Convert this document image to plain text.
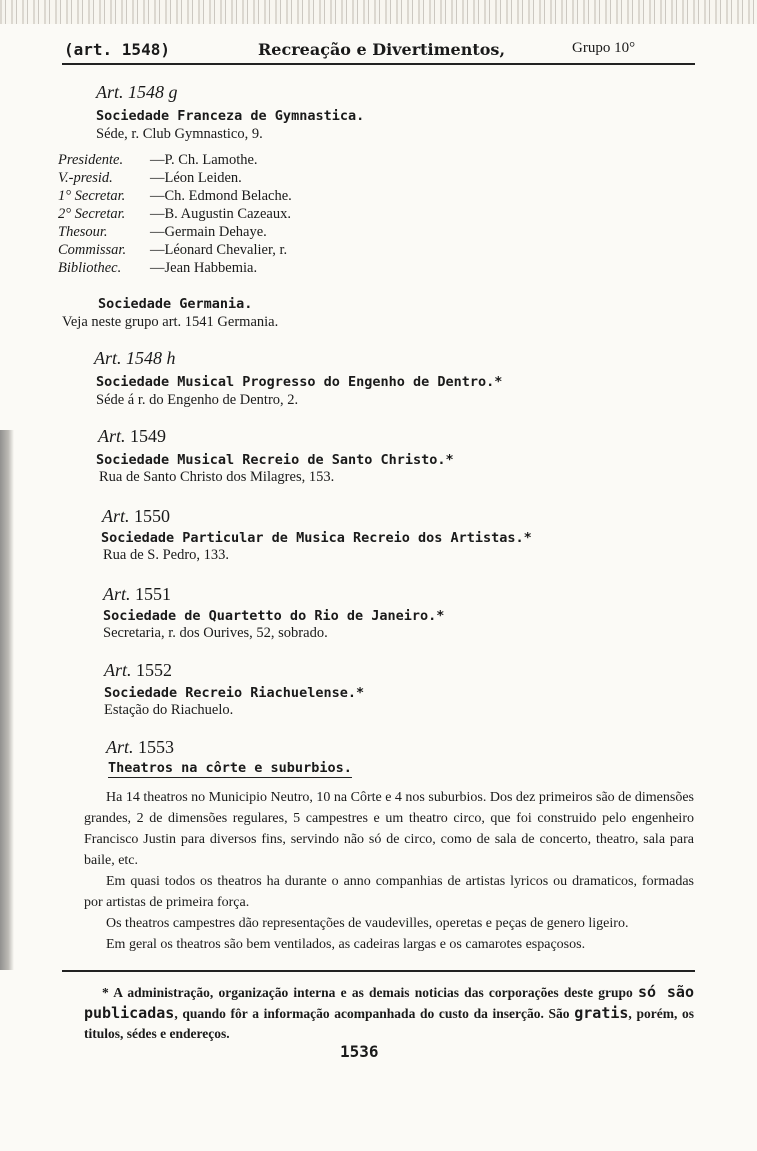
(art. 1548)	Recreação e Divertimentos,	Grupo 10°
Art. 1548 g
Sociedade Franceza de Gymnastica.
Séde, r. Club Gymnastico, 9.
Presidente. —P. Ch. Lamothe.
V.-presid.	—Léon Leiden.
1° Secretar. —Ch. Edmond Belache.
2° Secretar. —B. Augustin Cazeaux.
Thesour.	—Germain Dehaye.
Commissar. —Léonard Chevalier, r.
Bibliothec. —Jean Habbemia.
Sociedade Germania.
Veja neste grupo art. 1541 Germania.
Art. 1548 h
Sociedade Musical Progresso do Engenho de Dentro.*
Séde á r. do Engenho de Dentro, 2.
Art. 1549
Sociedade Musical Recreio de Santo Christo.*
Rua de Santo Christo dos Milagres, 153.
Art. 1550
Sociedade Particular de Musica Recreio dos Artistas.*
Rua de S. Pedro, 133.
Art. 1551
Sociedade de Quartetto do Rio de Janeiro.*
Secretaria, r. dos Ourives, 52, sobrado.
Art. 1552
Sociedade Recreio Riachuelense.*
Estação do Riachuelo.
Art. 1553
Theatros na côrte e suburbios.

Ha 14 theatros no Municipio Neutro, 10 na Côrte e 4 nos suburbios. Dos dez primeiros são de dimensões grandes, 2 de dimensões regulares, 5 campestres e um theatro circo, que foi construido pelo engenheiro Francisco Justin para diversos fins, servindo não só de circo, como de sala de concerto, theatro, sala para baile, etc.

Em quasi todos os theatros ha durante o anno companhias de artistas lyricos ou dramaticos, formadas por artistas de primeira força.

Os theatros campestres dão representações de vaudevilles, operetas e peças de genero ligeiro.

Em geral os theatros são bem ventilados, as cadeiras largas e os camarotes espaçosos.

* A administração, organização interna e as demais noticias das corporações deste grupo só são publicadas, quando fôr a informação acompanhada do custo da inserção. São gratis, porém, os titulos, sédes e endereços.
1536
